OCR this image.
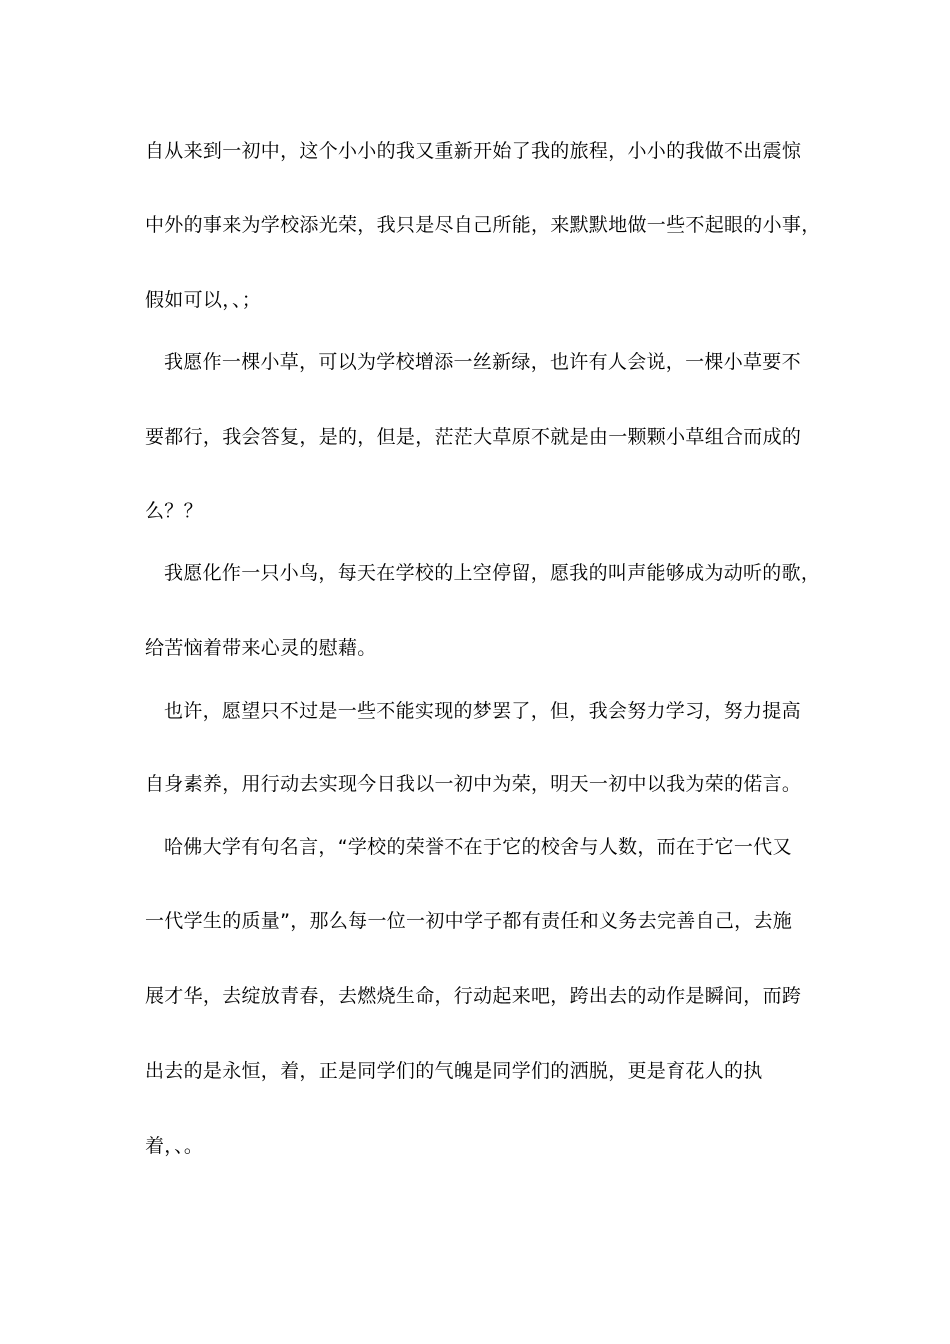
自从来到一初中，这个小小的我又重新开始了我的旅程，小小的我做不出震惊
中外的事来为学校添光荣，我只是尽自己所能，来默默地做一些不起眼的小事，
假如可以，、；
我愿作一棵小草，可以为学校增添一丝新绿，也许有人会说，一棵小草要不
要都行，我会答复，是的，但是，茫茫大草原不就是由一颗颗小草组合而成的
么？？
我愿化作一只小鸟，每天在学校的上空停留，愿我的叫声能够成为动听的歌，
给苦恼着带来心灵的慰藉。
也许，愿望只不过是一些不能实现的梦罢了，但，我会努力学习，努力提高
自身素养，用行动去实现今日我以一初中为荣，明天一初中以我为荣的偌言。
哈佛大学有句名言，“学校的荣誉不在于它的校舍与人数，而在于它一代又
一代学生的质量”，那么每一位一初中学子都有责任和义务去完善自己，去施
展才华，去绽放青春，去燃烧生命，行动起来吧，跨出去的动作是瞬间，而跨
出去的是永恒，着，正是同学们的气魄是同学们的洒脱，更是育花人的执
着，、。
